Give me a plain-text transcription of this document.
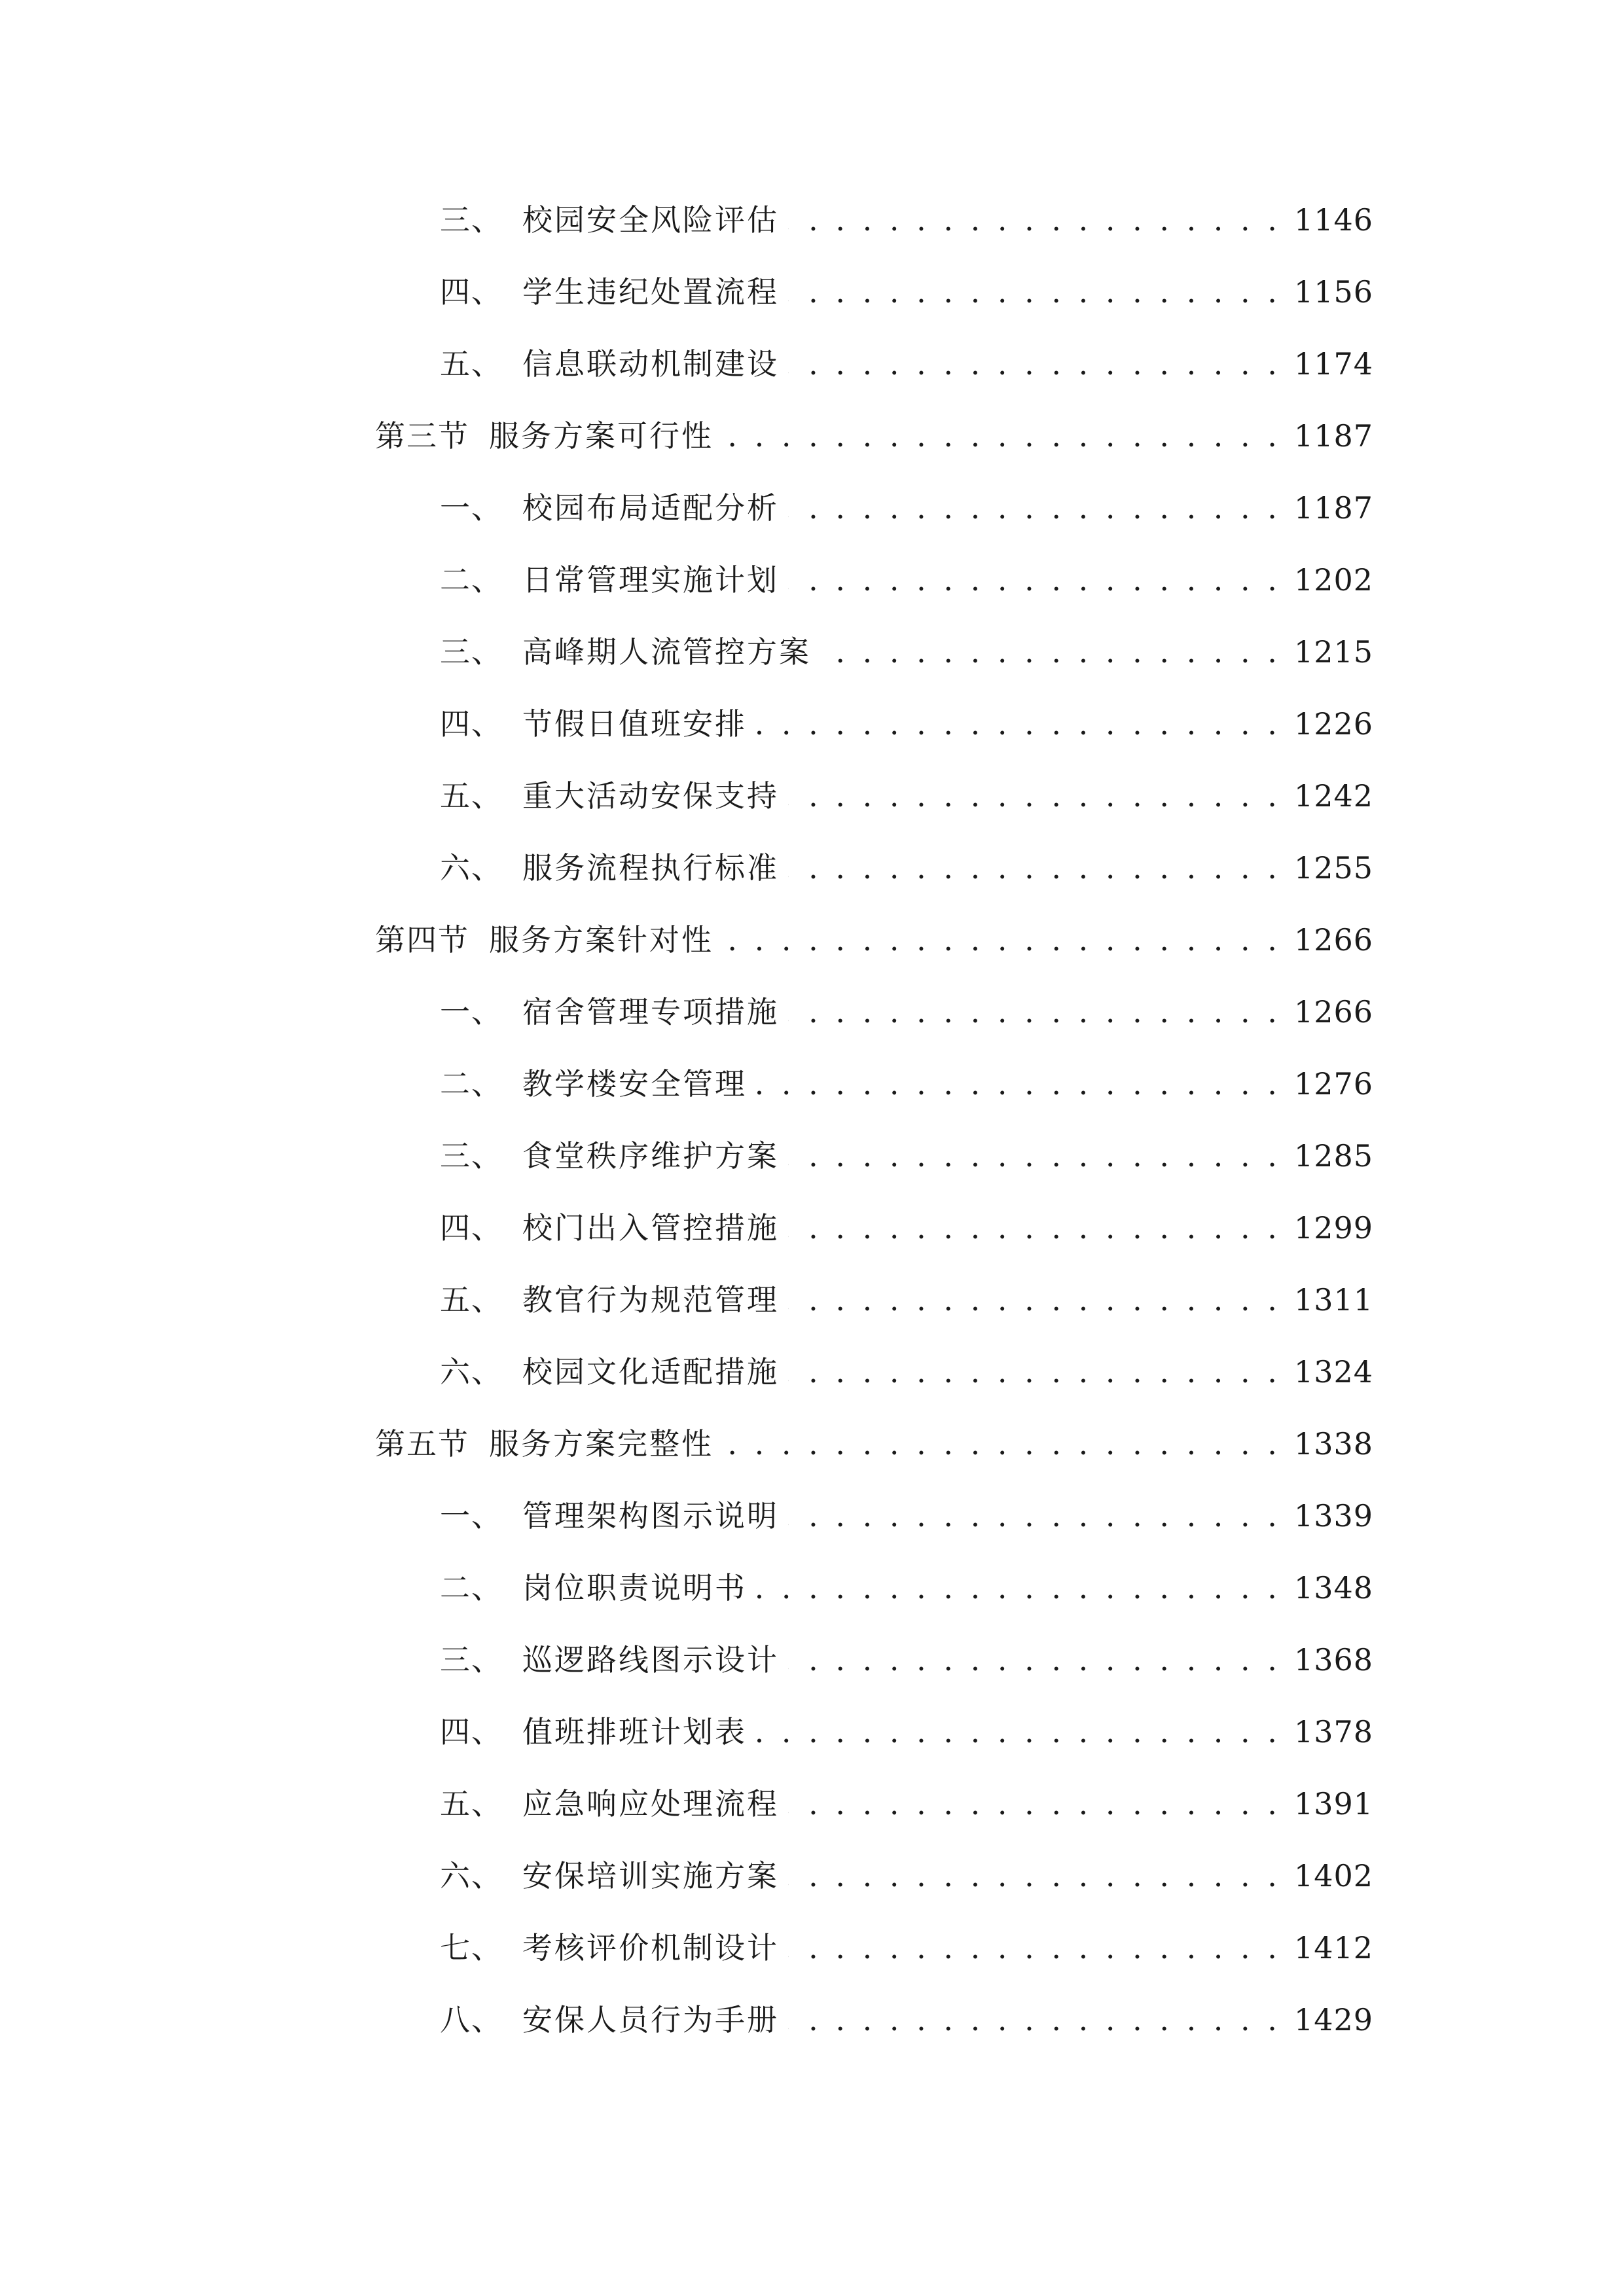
三、 校园安全风险评估 . . .	1146
四、 学生违纪处置流程 . . .	1156
五、 信息联动机制建设 . . .	1174
第三节 服务方案可行性 . . .	1187
一、 校园布局适配分析 . . .	1187
二、 日常管理实施计划 . . .	1202
三、 高峰期人流管控方案 . . .	1215
四、 节假日值班安排 . . .	1226
五、 重大活动安保支持 . . .	1242
六、 服务流程执行标准 . . .	1255
第四节 服务方案针对性 . . .	1266
一、 宿舍管理专项措施 . . .	1266
二、 教学楼安全管理 . . .	1276
三、 食堂秩序维护方案 . . .	1285
四、 校门出入管控措施 . . .	1299
五、 教官行为规范管理 . . .	1311
六、 校园文化适配措施 . . .	1324
第五节 服务方案完整性 . . .	1338
一、 管理架构图示说明 . . .	1339
二、 岗位职责说明书 . . .	1348
三、 巡逻路线图示设计 . . .	1368
四、 值班排班计划表 . . .	1378
五、 应急响应处理流程 . . .	1391
六、 安保培训实施方案 . . .	1402
七、 考核评价机制设计 . . .	1412
八、 安保人员行为手册 . . .	1429
